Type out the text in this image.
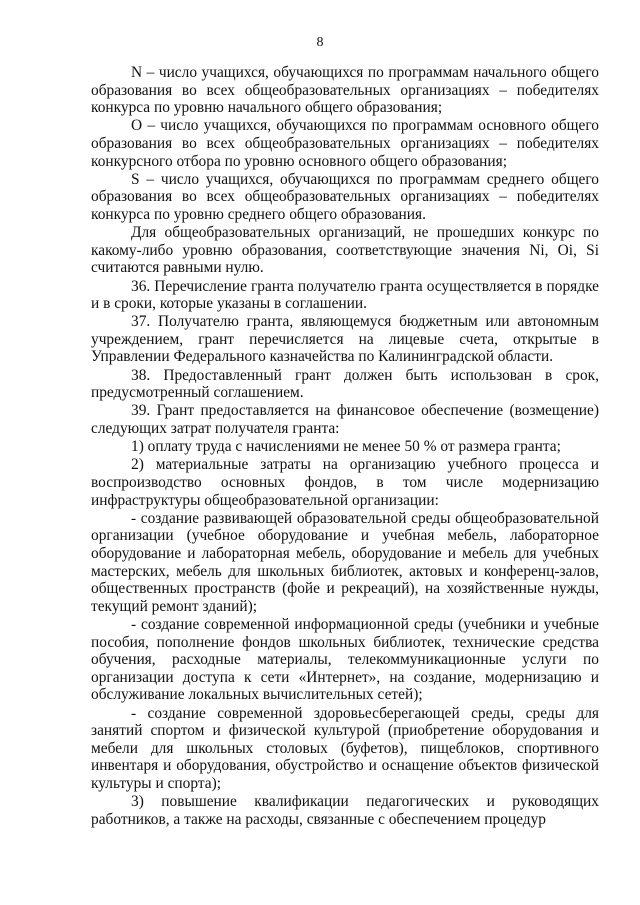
8

N – число учащихся, обучающихся по программам начального общего образования во всех общеобразовательных организациях – победителях конкурса по уровню начального общего образования;

O – число учащихся, обучающихся по программам основного общего образования во всех общеобразовательных организациях – победителях конкурсного отбора по уровню основного общего образования;

S – число учащихся, обучающихся по программам среднего общего образования во всех общеобразовательных организациях – победителях конкурса по уровню среднего общего образования.

Для общеобразовательных организаций, не прошедших конкурс по какому-либо уровню образования, соответствующие значения Ni, Oi, Si считаются равными нулю.

36. Перечисление гранта получателю гранта осуществляется в порядке и в сроки, которые указаны в соглашении.

37. Получателю гранта, являющемуся бюджетным или автономным учреждением, грант перечисляется на лицевые счета, открытые в Управлении Федерального казначейства по Калининградской области.

38. Предоставленный грант должен быть использован в срок, предусмотренный соглашением.

39. Грант предоставляется на финансовое обеспечение (возмещение) следующих затрат получателя гранта:

1) оплату труда с начислениями не менее 50 % от размера гранта;

2) материальные затраты на организацию учебного процесса и воспроизводство основных фондов, в том числе модернизацию инфраструктуры общеобразовательной организации:

- создание развивающей образовательной среды общеобразовательной организации (учебное оборудование и учебная мебель, лабораторное оборудование и лабораторная мебель, оборудование и мебель для учебных мастерских, мебель для школьных библиотек, актовых и конференц-залов, общественных пространств (фойе и рекреаций), на хозяйственные нужды, текущий ремонт зданий);

- создание современной информационной среды (учебники и учебные пособия, пополнение фондов школьных библиотек, технические средства обучения, расходные материалы, телекоммуникационные услуги по организации доступа к сети «Интернет», на создание, модернизацию и обслуживание локальных вычислительных сетей);

- создание современной здоровьесберегающей среды, среды для занятий спортом и физической культурой (приобретение оборудования и мебели для школьных столовых (буфетов), пищеблоков, спортивного инвентаря и оборудования, обустройство и оснащение объектов физической культуры и спорта);

3) повышение квалификации педагогических и руководящих работников, а также на расходы, связанные с обеспечением процедур
